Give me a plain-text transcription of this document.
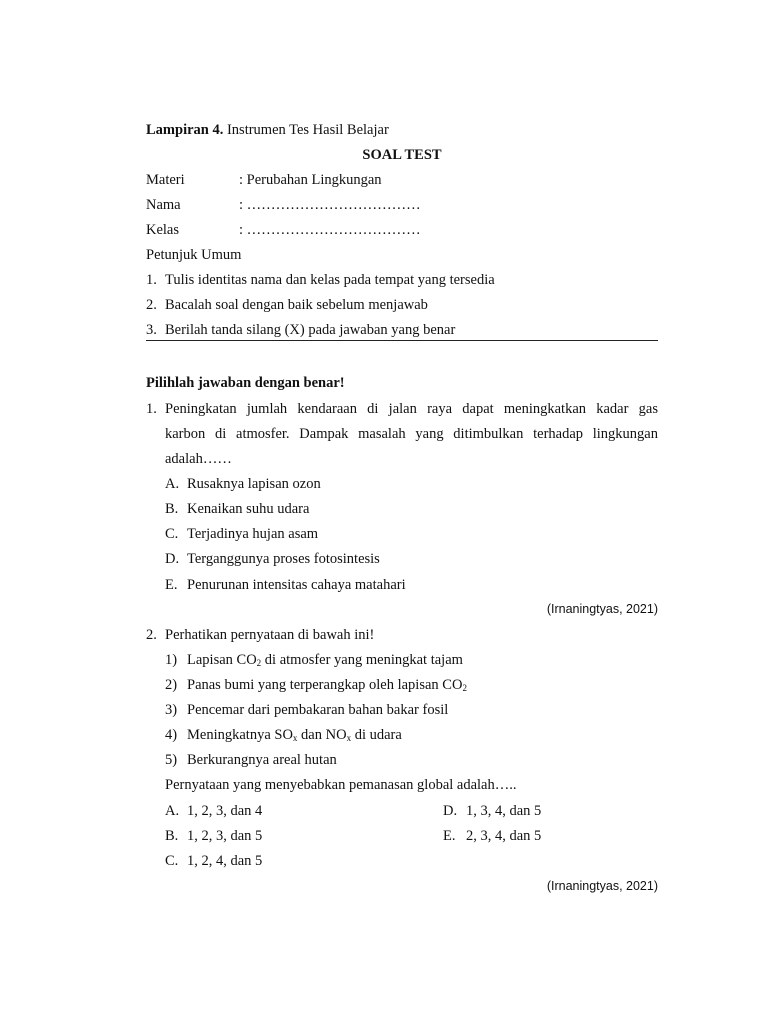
Lampiran 4. Instrumen Tes Hasil Belajar
SOAL TEST
Materi	: Perubahan Lingkungan
Nama	: ………………………………
Kelas	: ………………………………
Petunjuk Umum
1. Tulis identitas nama dan kelas pada tempat yang tersedia
2. Bacalah soal dengan baik sebelum menjawab
3. Berilah tanda silang (X) pada jawaban yang benar
Pilihlah jawaban dengan benar!
1. Peningkatan jumlah kendaraan di jalan raya dapat meningkatkan kadar gas
karbon di atmosfer. Dampak masalah yang ditimbulkan terhadap lingkungan
adalah……
A. Rusaknya lapisan ozon
B. Kenaikan suhu udara
C. Terjadinya hujan asam
D. Terganggunya proses fotosintesis
E. Penurunan intensitas cahaya matahari
(Irnaningtyas, 2021)
2. Perhatikan pernyataan di bawah ini!
1) Lapisan $CO_2$ di atmosfer yang meningkat tajam
2) Panas bumi yang terperangkap oleh lapisan $CO_2$
3) Pencemar dari pembakaran bahan bakar fosil
4) Meningkatnya $SO_x$ dan $NO_x$ di udara
5) Berkurangnya areal hutan
Pernyataan yang menyebabkan pemanasan global adalah…..
A. 1, 2, 3, dan 4
B. 1, 2, 3, dan 5
C. 1, 2, 4, dan 5
D. 1, 3, 4, dan 5
E. 2, 3, 4, dan 5
(Irnaningtyas, 2021)
